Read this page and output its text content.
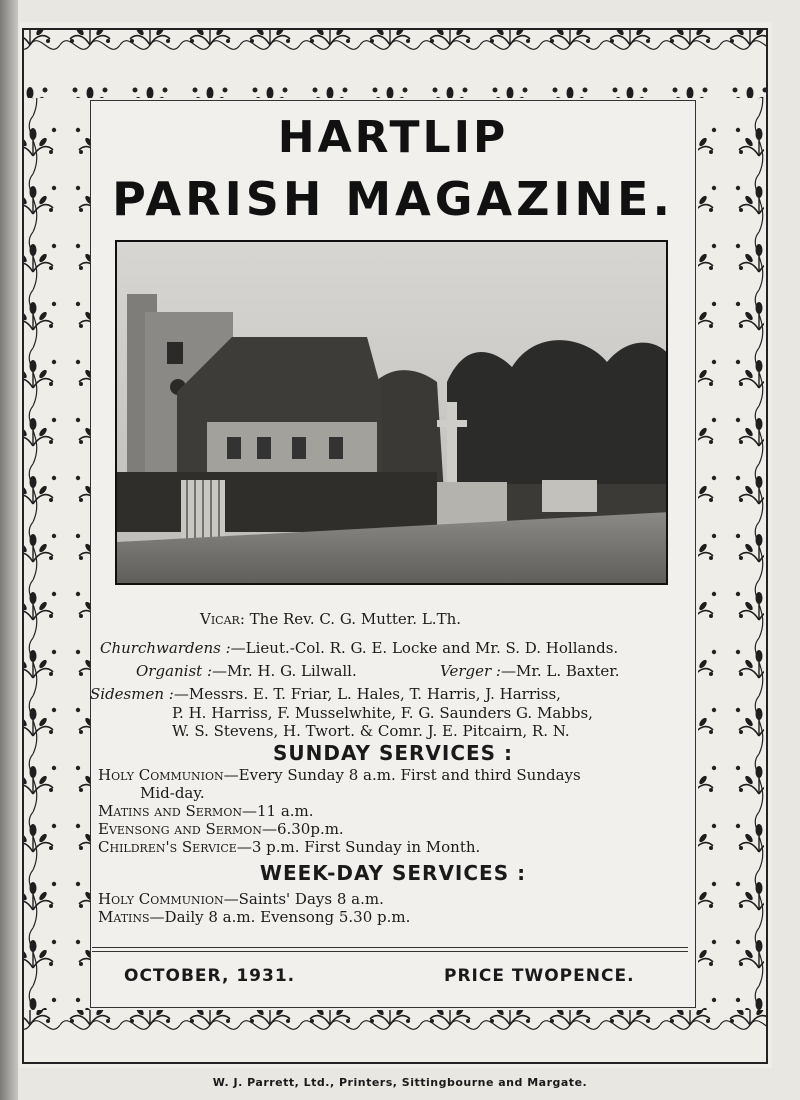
HARTLIP
PARISH MAGAZINE.
Vicar: The Rev. C. G. Mutter. L.Th.
Churchwardens :—Lieut.-Col. R. G. E. Locke and Mr. S. D. Hollands.
Organist :—Mr. H. G. Lilwall.	Verger :—Mr. L. Baxter.
Sidesmen :—Messrs. E. T. Friar, L. Hales, T. Harris, J. Harriss,
P. H. Harriss, F. Musselwhite, F. G. Saunders G. Mabbs,
W. S. Stevens, H. Twort. & Comr. J. E. Pitcairn, R. N.
SUNDAY SERVICES :
Holy Communion—Every Sunday 8 a.m. First and third Sundays
Mid-day.
Matins and Sermon—11 a.m.
Evensong and Sermon—6.30p.m.
Children's Service—3 p.m. First Sunday in Month.
WEEK-DAY SERVICES :
Holy Communion—Saints' Days 8 a.m.
Matins—Daily 8 a.m. Evensong 5.30 p.m.
OCTOBER, 1931.	PRICE TWOPENCE.
W. J. Parrett, Ltd., Printers, Sittingbourne and Margate.
